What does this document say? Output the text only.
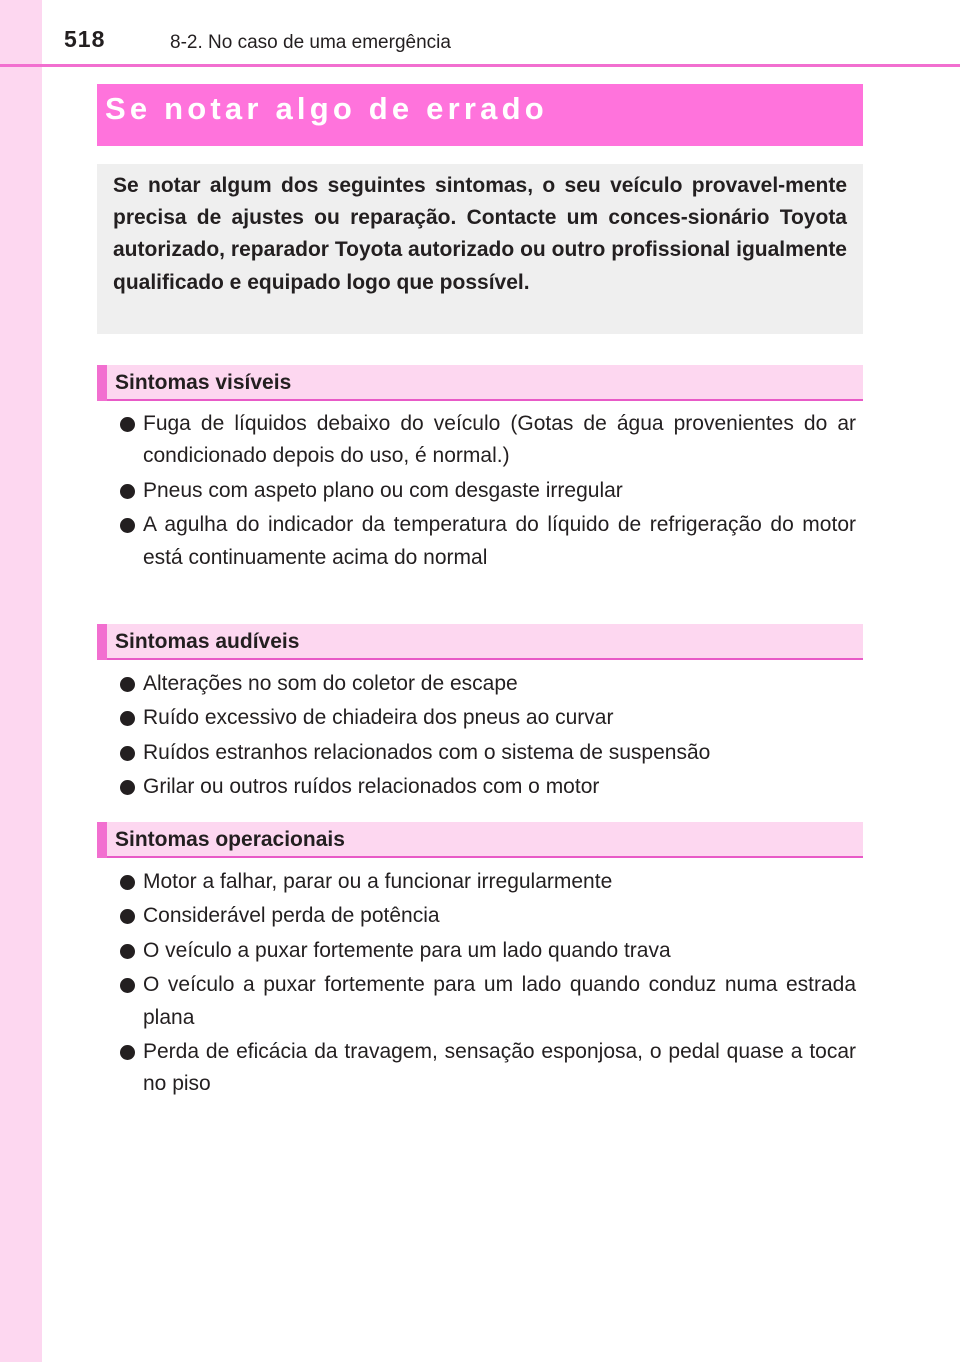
518	8-2. No caso de uma emergência
Se notar algo de errado

Se notar algum dos seguintes sintomas, o seu veículo provavel-mente precisa de ajustes ou reparação. Contacte um conces-sionário Toyota autorizado, reparador Toyota autorizado ou outro profissional igualmente qualificado e equipado logo que possível.

Sintomas visíveis
Fuga de líquidos debaixo do veículo (Gotas de água provenientes do ar condicionado depois do uso, é normal.)
Pneus com aspeto plano ou com desgaste irregular
A agulha do indicador da temperatura do líquido de refrigeração do motor está continuamente acima do normal
Sintomas audíveis
Alterações no som do coletor de escape
Ruído excessivo de chiadeira dos pneus ao curvar
Ruídos estranhos relacionados com o sistema de suspensão
Grilar ou outros ruídos relacionados com o motor
Sintomas operacionais
Motor a falhar, parar ou a funcionar irregularmente
Considerável perda de potência
O veículo a puxar fortemente para um lado quando trava
O veículo a puxar fortemente para um lado quando conduz numa estrada plana
Perda de eficácia da travagem, sensação esponjosa, o pedal quase a tocar no piso
